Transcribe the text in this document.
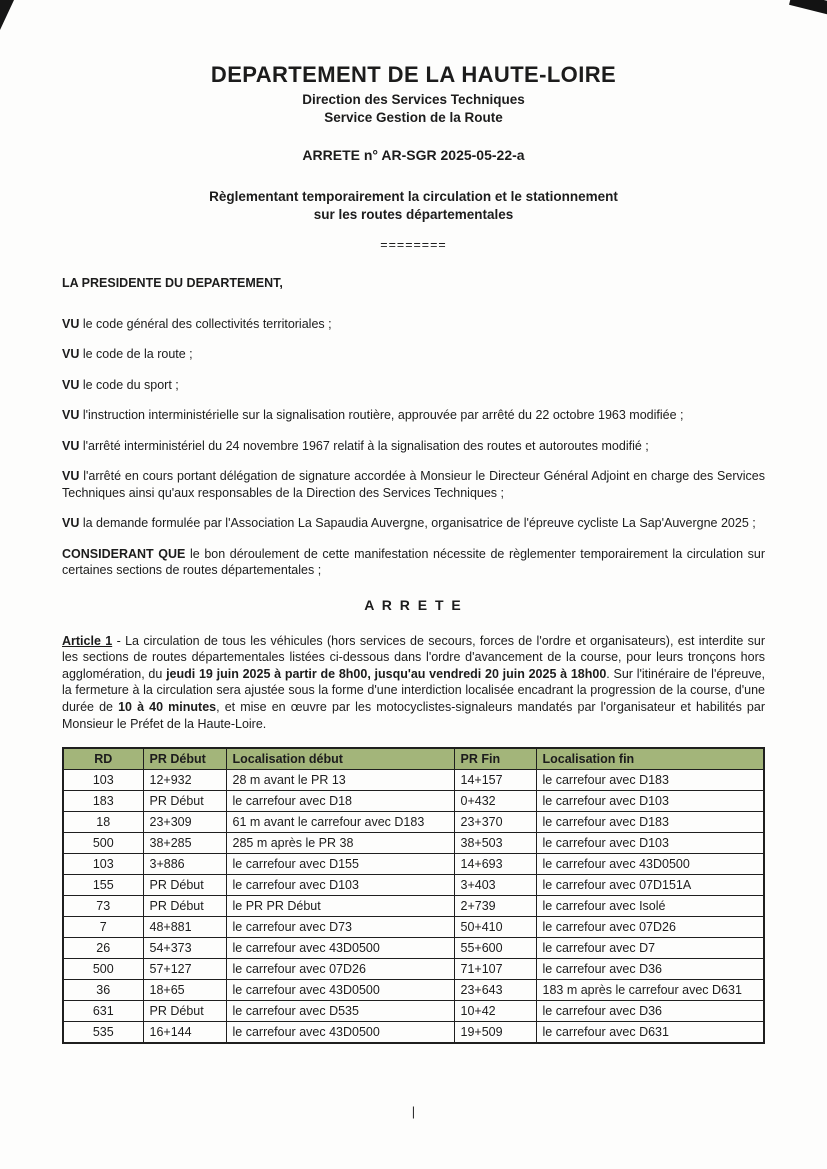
DEPARTEMENT DE LA HAUTE-LOIRE
Direction des Services Techniques
Service Gestion de la Route
ARRETE n° AR-SGR 2025-05-22-a
Règlementant temporairement la circulation et le stationnement
sur les routes départementales
========

LA PRESIDENTE DU DEPARTEMENT,

VU le code général des collectivités territoriales ;

VU le code de la route ;

VU le code du sport ;

VU l'instruction interministérielle sur la signalisation routière, approuvée par arrêté du 22 octobre 1963 modifiée ;

VU l'arrêté interministériel du 24 novembre 1967 relatif à la signalisation des routes et autoroutes modifié ;

VU l'arrêté en cours portant délégation de signature accordée à Monsieur le Directeur Général Adjoint en charge des Services Techniques ainsi qu'aux responsables de la Direction des Services Techniques ;

VU la demande formulée par l'Association La Sapaudia Auvergne, organisatrice de l'épreuve cycliste La Sap'Auvergne 2025 ;

CONSIDERANT QUE le bon déroulement de cette manifestation nécessite de règlementer temporairement la circulation sur certaines sections de routes départementales ;

A R R E T E

Article 1 - La circulation de tous les véhicules (hors services de secours, forces de l'ordre et organisateurs), est interdite sur les sections de routes départementales listées ci-dessous dans l'ordre d'avancement de la course, pour leurs tronçons hors agglomération, du jeudi 19 juin 2025 à partir de 8h00, jusqu'au vendredi 20 juin 2025 à 18h00. Sur l'itinéraire de l'épreuve, la fermeture à la circulation sera ajustée sous la forme d'une interdiction localisée encadrant la progression de la course, d'une durée de 10 à 40 minutes, et mise en œuvre par les motocyclistes-signaleurs mandatés par l'organisateur et habilités par Monsieur le Préfet de la Haute-Loire.

RD	PR Début	Localisation début	PR Fin	Localisation fin
103	12+932	28 m avant le PR 13	14+157	le carrefour avec D183
183	PR Début	le carrefour avec D18	0+432	le carrefour avec D103
18	23+309	61 m avant le carrefour avec D183	23+370	le carrefour avec D183
500	38+285	285 m après le PR 38	38+503	le carrefour avec D103
103	3+886	le carrefour avec D155	14+693	le carrefour avec 43D0500
155	PR Début	le carrefour avec D103	3+403	le carrefour avec 07D151A
73	PR Début	le PR PR Début	2+739	le carrefour avec Isolé
7	48+881	le carrefour avec D73	50+410	le carrefour avec 07D26
26	54+373	le carrefour avec 43D0500	55+600	le carrefour avec D7
500	57+127	le carrefour avec 07D26	71+107	le carrefour avec D36
36	18+65	le carrefour avec 43D0500	23+643	183 m après le carrefour avec D631
631	PR Début	le carrefour avec D535	10+42	le carrefour avec D36
535	16+144	le carrefour avec 43D0500	19+509	le carrefour avec D631
|
